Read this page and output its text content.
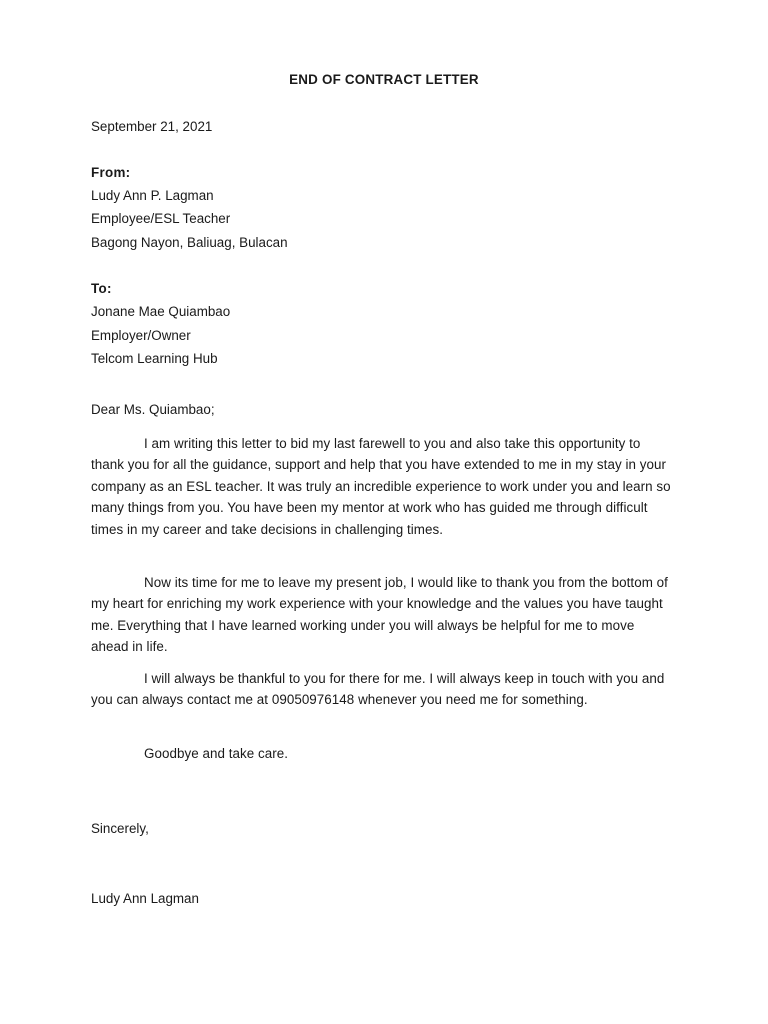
END OF CONTRACT LETTER
September 21, 2021
From:
Ludy Ann P. Lagman
Employee/ESL Teacher
Bagong Nayon, Baliuag, Bulacan
To:
Jonane Mae Quiambao
Employer/Owner
Telcom Learning Hub
Dear Ms. Quiambao;
I am writing this letter to bid my last farewell to you and also take this opportunity to thank you for all the guidance, support and help that you have extended to me in my stay in your company as an ESL teacher. It was truly an incredible experience to work under you and learn so many things from you. You have been my mentor at work who has guided me through difficult times in my career and take decisions in challenging times.
Now its time for me to leave my present job, I would like to thank you from the bottom of my heart for enriching my work experience with your knowledge and the values you have taught me. Everything that I have learned working under you will always be helpful for me to move ahead in life.
I will always be thankful to you for there for me. I will always keep in touch with you and you can always contact me at 09050976148 whenever you need me for something.
Goodbye and take care.
Sincerely,
Ludy Ann Lagman
